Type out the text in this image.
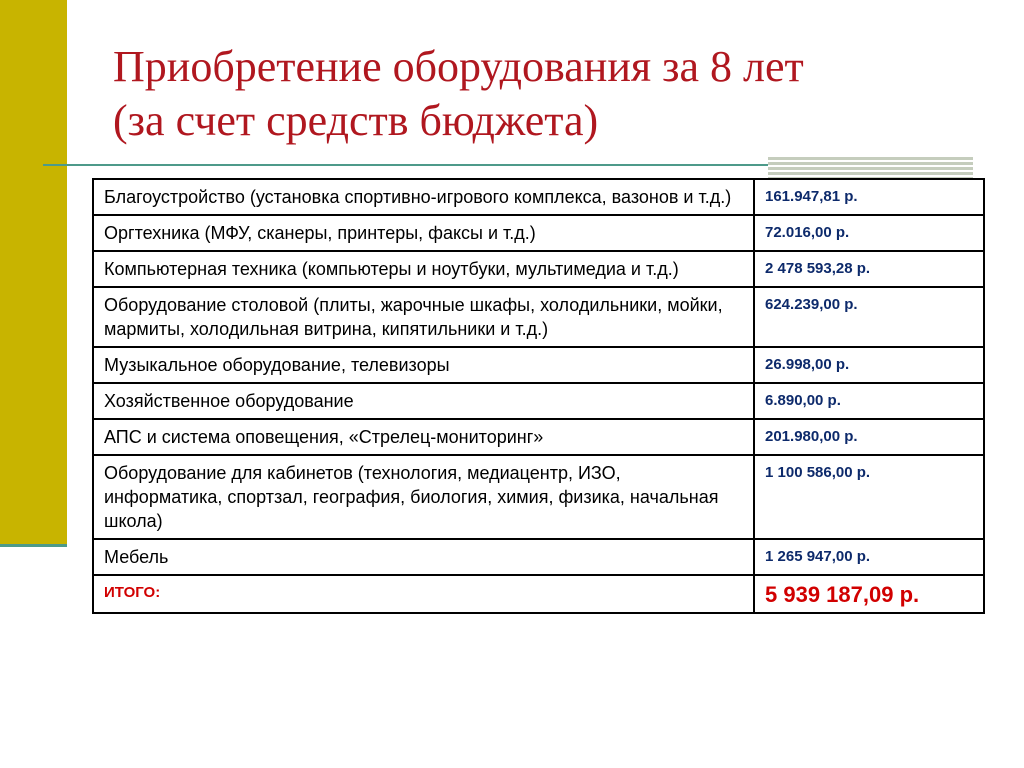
Приобретение оборудования за 8 лет
(за счет средств бюджета)
Благоустройство (установка спортивно-игрового комплекса, вазонов и т.д.)	161.947,81 р.
Оргтехника (МФУ, сканеры, принтеры, факсы и т.д.)	72.016,00 р.
Компьютерная техника (компьютеры и ноутбуки, мультимедиа и т.д.)	2 478 593,28 р.
Оборудование столовой (плиты, жарочные шкафы, холодильники, мойки, мармиты, холодильная витрина, кипятильники и т.д.)	624.239,00 р.
Музыкальное оборудование, телевизоры	26.998,00 р.
Хозяйственное оборудование	6.890,00 р.
АПС и система оповещения, «Стрелец-мониторинг»	201.980,00 р.
Оборудование для кабинетов (технология, медиацентр, ИЗО, информатика, спортзал, география, биология, химия, физика, начальная школа)	1 100 586,00 р.
Мебель	1 265 947,00 р.
ИТОГО:	5 939 187,09 р.
